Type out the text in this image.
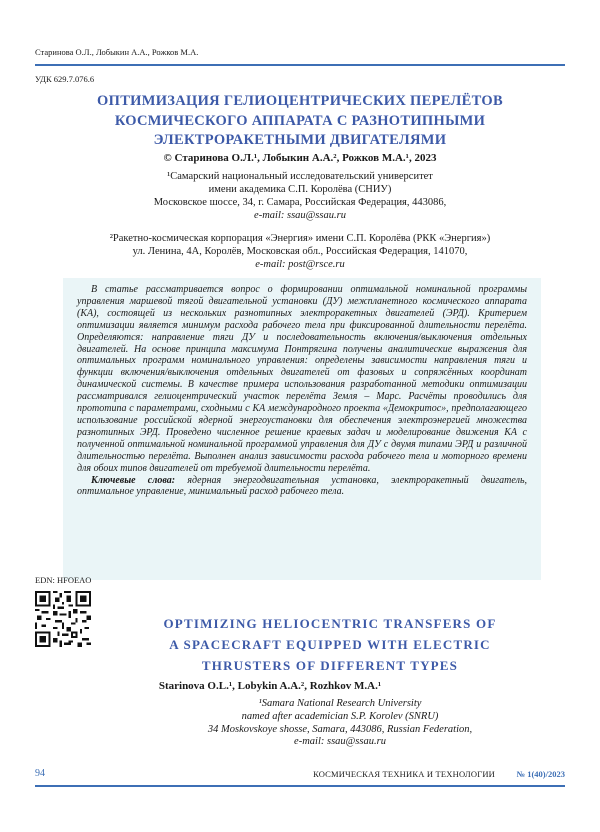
Старинова О.Л., Лобыкин А.А., Рожков М.А.
УДК 629.7.076.6
ОПТИМИЗАЦИЯ ГЕЛИОЦЕНТРИЧЕСКИХ ПЕРЕЛЁТОВ КОСМИЧЕСКОГО АППАРАТА С РАЗНОТИПНЫМИ ЭЛЕКТРОРАКЕТНЫМИ ДВИГАТЕЛЯМИ
© Старинова О.Л.¹, Лобыкин А.А.², Рожков М.А.¹, 2023
¹Самарский национальный исследовательский университет
имени академика С.П. Королёва (СНИУ)
Московское шоссе, 34, г. Самара, Российская Федерация, 443086,
e-mail: ssau@ssau.ru
²Ракетно-космическая корпорация «Энергия» имени С.П. Королёва (РКК «Энергия»)
ул. Ленина, 4А, Королёв, Московская обл., Российская Федерация, 141070,
e-mail: post@rsce.ru

В статье рассматривается вопрос о формировании оптимальной номинальной программы управления маршевой тягой двигательной установки (ДУ) межпланетного космического аппарата (КА), состоящей из нескольких разнотипных электроракетных двигателей (ЭРД). Критерием оптимизации является минимум расхода рабочего тела при фиксированной длительности перелёта. Определяются: направление тяги ДУ и последовательность включения/выключения отдельных двигателей. На основе принципа максимума Понтрягина получены аналитические выражения для оптимальных программ номинального управления: определены зависимости направления тяги и функции включения/выключения отдельных двигателей от фазовых и сопряжённых координат динамической системы. В качестве примера использования разработанной методики оптимизации рассматривался гелиоцентрический участок перелёта Земля – Марс. Расчёты проводились для прототипа с параметрами, сходными с КА международного проекта «Демокритос», предполагающего использование российской ядерной энергоустановки для обеспечения электроэнергией множества разнотипных ЭРД. Проведено численное решение краевых задач и моделирование движения КА с полученной оптимальной номинальной программой управления для ДУ с двумя типами ЭРД и различной длительностью перелёта. Выполнен анализ зависимости расхода рабочего тела и моторного времени для обоих типов двигателей от требуемой длительности перелёта.

Ключевые слова: ядерная энергодвигательная установка, электроракетный двигатель, оптимальное управление, минимальный расход рабочего тела.

EDN: HFOEAO
OPTIMIZING HELIOCENTRIC TRANSFERS OF A SPACECRAFT EQUIPPED WITH ELECTRIC THRUSTERS OF DIFFERENT TYPES
Starinova O.L.¹, Lobykin A.A.², Rozhkov M.A.¹
¹Samara National Research University
named after academician S.P. Korolev (SNRU)
34 Moskovskoye shosse, Samara, 443086, Russian Federation,
e-mail: ssau@ssau.ru
94	КОСМИЧЕСКАЯ ТЕХНИКА И ТЕХНОЛОГИИ	№ 1(40)/2023
